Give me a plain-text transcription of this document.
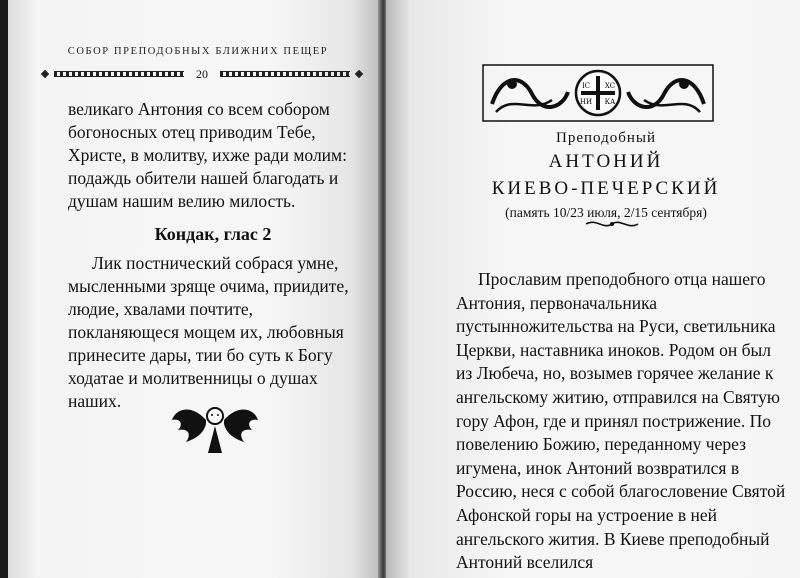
СОБОР ПРЕПОДОБНЫХ БЛИЖНИХ ПЕЩЕР
20

великаго Антония со всем собором богоносных отец приводим Тебе, Христе, в молитву, ихже ради молим: подаждь обители нашей благодать и душам нашим велию милость.

Кондак, глас 2

Лик постнический собрася умне, мысленными зряще очима, приидите, людие, хвалами почтите, покланяющеся мощем их, любовныя принесите дары, тии бо суть к Богу ходатае и молитвенницы о душах наших.

IC XC
НИ КА
Преподобный
АНТОНИЙ
КИЕВО-ПЕЧЕРСКИЙ
(память 10/23 июля, 2/15 сентября)

Прославим преподобного отца нашего Антония, первоначальника пустынножительства на Руси, светильника Церкви, наставника иноков. Родом он был из Любеча, но, возымев горячее желание к ангельскому житию, отправился на Святую гору Афон, где и принял пострижение. По повелению Божию, переданному через игумена, инок Антоний возвратился в Россию, неся с собой благословение Святой Афонской горы на устроение в ней ангельского жития. В Киеве преподобный Антоний вселился
